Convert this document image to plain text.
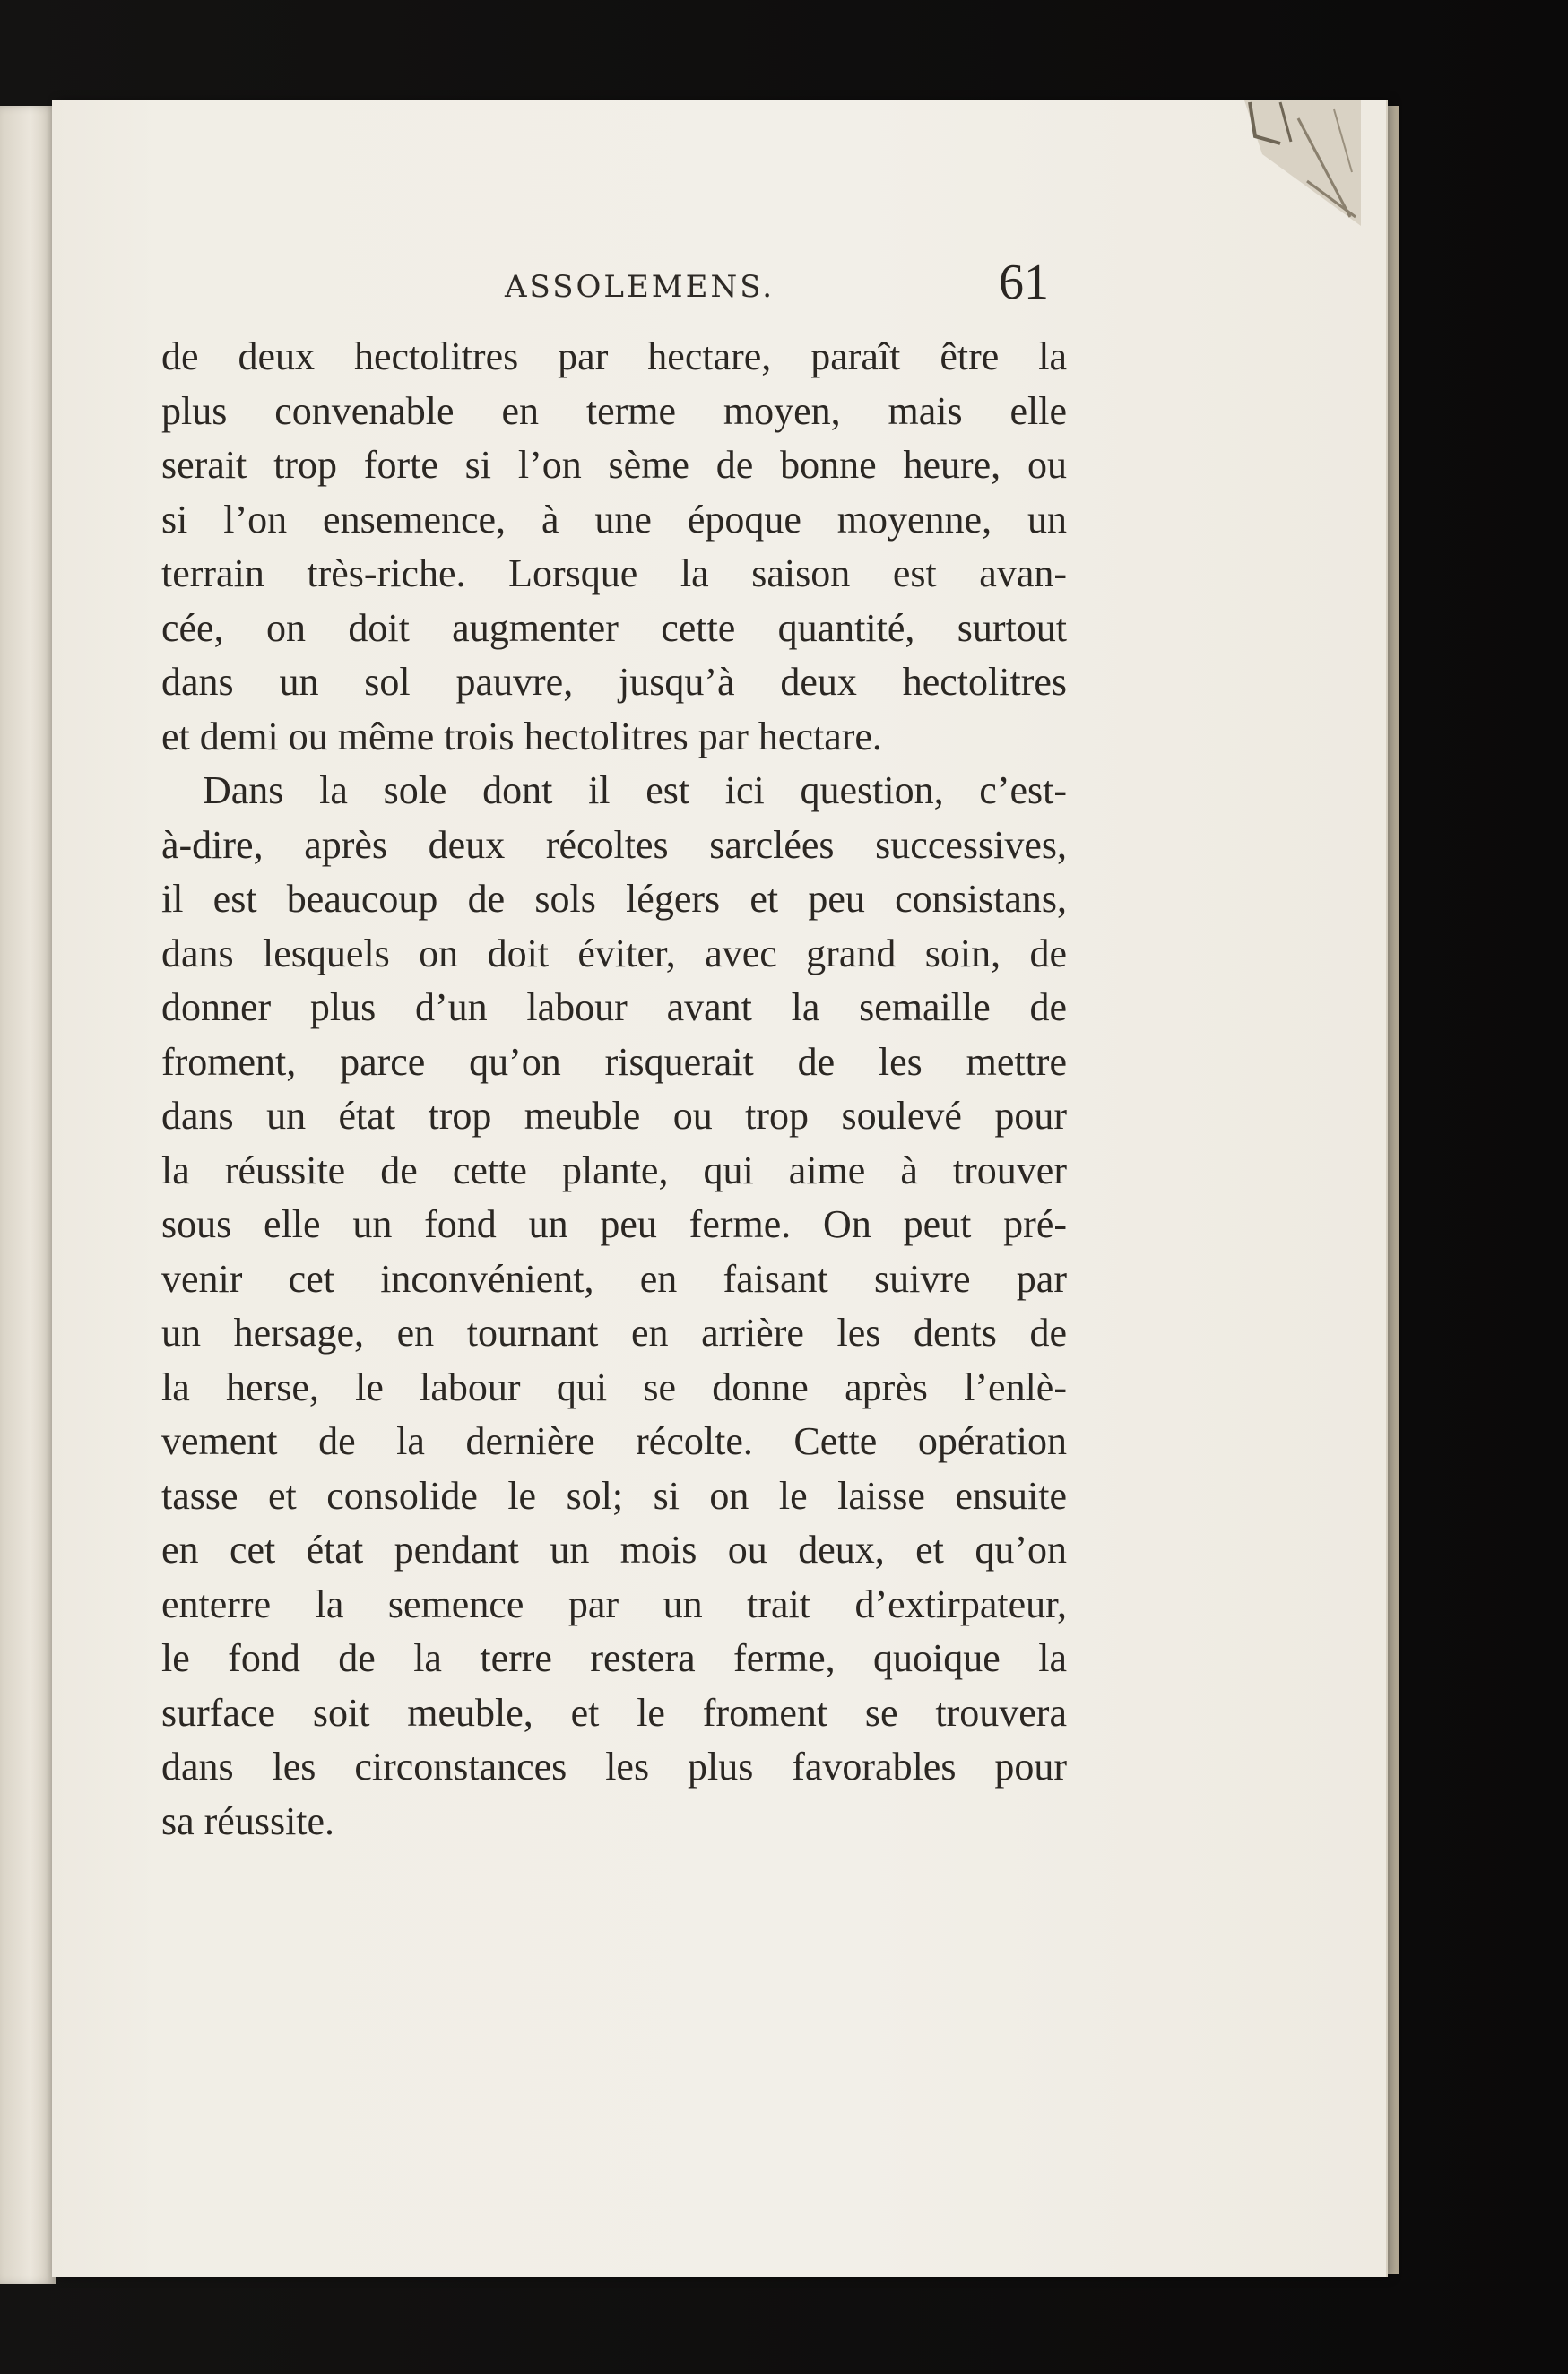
ASSOLEMENS.	61
de deux hectolitres par hectare, paraît être la
plus convenable en terme moyen, mais elle
serait trop forte si l’on sème de bonne heure, ou
si l’on ensemence, à une époque moyenne, un
terrain très-riche. Lorsque la saison est avan-
cée, on doit augmenter cette quantité, surtout
dans un sol pauvre, jusqu’à deux hectolitres
et demi ou même trois hectolitres par hectare.
Dans la sole dont il est ici question, c’est-
à-dire, après deux récoltes sarclées successives,
il est beaucoup de sols légers et peu consistans,
dans lesquels on doit éviter, avec grand soin, de
donner plus d’un labour avant la semaille de
froment, parce qu’on risquerait de les mettre
dans un état trop meuble ou trop soulevé pour
la réussite de cette plante, qui aime à trouver
sous elle un fond un peu ferme. On peut pré-
venir cet inconvénient, en faisant suivre par
un hersage, en tournant en arrière les dents de
la herse, le labour qui se donne après l’enlè-
vement de la dernière récolte. Cette opération
tasse et consolide le sol; si on le laisse ensuite
en cet état pendant un mois ou deux, et qu’on
enterre la semence par un trait d’extirpateur,
le fond de la terre restera ferme, quoique la
surface soit meuble, et le froment se trouvera
dans les circonstances les plus favorables pour
sa réussite.
